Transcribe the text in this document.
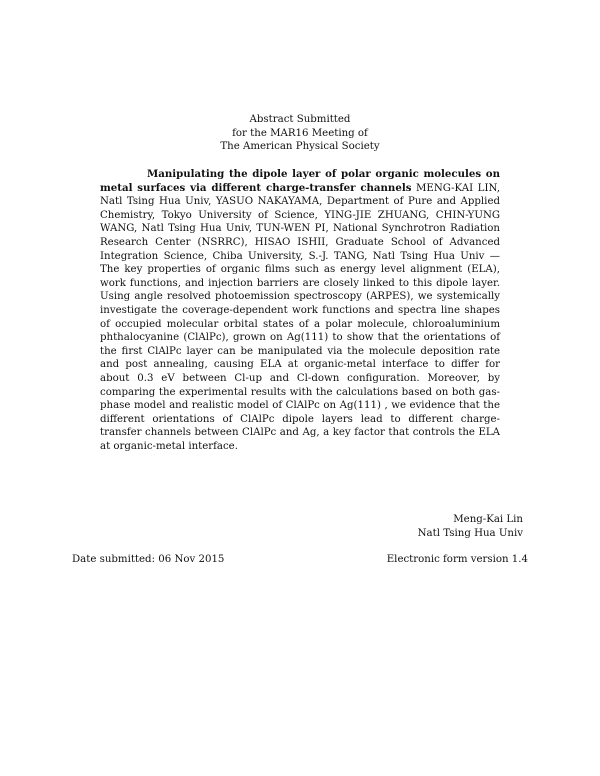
Abstract Submitted
for the MAR16 Meeting of
The American Physical Society
Manipulating the dipole layer of polar organic molecules on metal surfaces via different charge-transfer channels MENG-KAI LIN, Natl Tsing Hua Univ, YASUO NAKAYAMA, Department of Pure and Applied Chemistry, Tokyo University of Science, YING-JIE ZHUANG, CHIN-YUNG WANG, Natl Tsing Hua Univ, TUN-WEN PI, National Synchrotron Radiation Research Center (NSRRC), HISAO ISHII, Graduate School of Advanced Integration Science, Chiba University, S.-J. TANG, Natl Tsing Hua Univ — The key properties of organic films such as energy level alignment (ELA), work functions, and injection barriers are closely linked to this dipole layer. Using angle resolved photoemission spectroscopy (ARPES), we systemically investigate the coverage-dependent work functions and spectra line shapes of occupied molecular orbital states of a polar molecule, chloroaluminium phthalocyanine (ClAlPc), grown on Ag(111) to show that the orientations of the first ClAlPc layer can be manipulated via the molecule deposition rate and post annealing, causing ELA at organic-metal interface to differ for about 0.3 eV between Cl-up and Cl-down configuration. Moreover, by comparing the experimental results with the calculations based on both gas-phase model and realistic model of ClAlPc on Ag(111) , we evidence that the different orientations of ClAlPc dipole layers lead to different charge-transfer channels between ClAlPc and Ag, a key factor that controls the ELA at organic-metal interface.
Meng-Kai Lin
Natl Tsing Hua Univ
Date submitted: 06 Nov 2015	Electronic form version 1.4
